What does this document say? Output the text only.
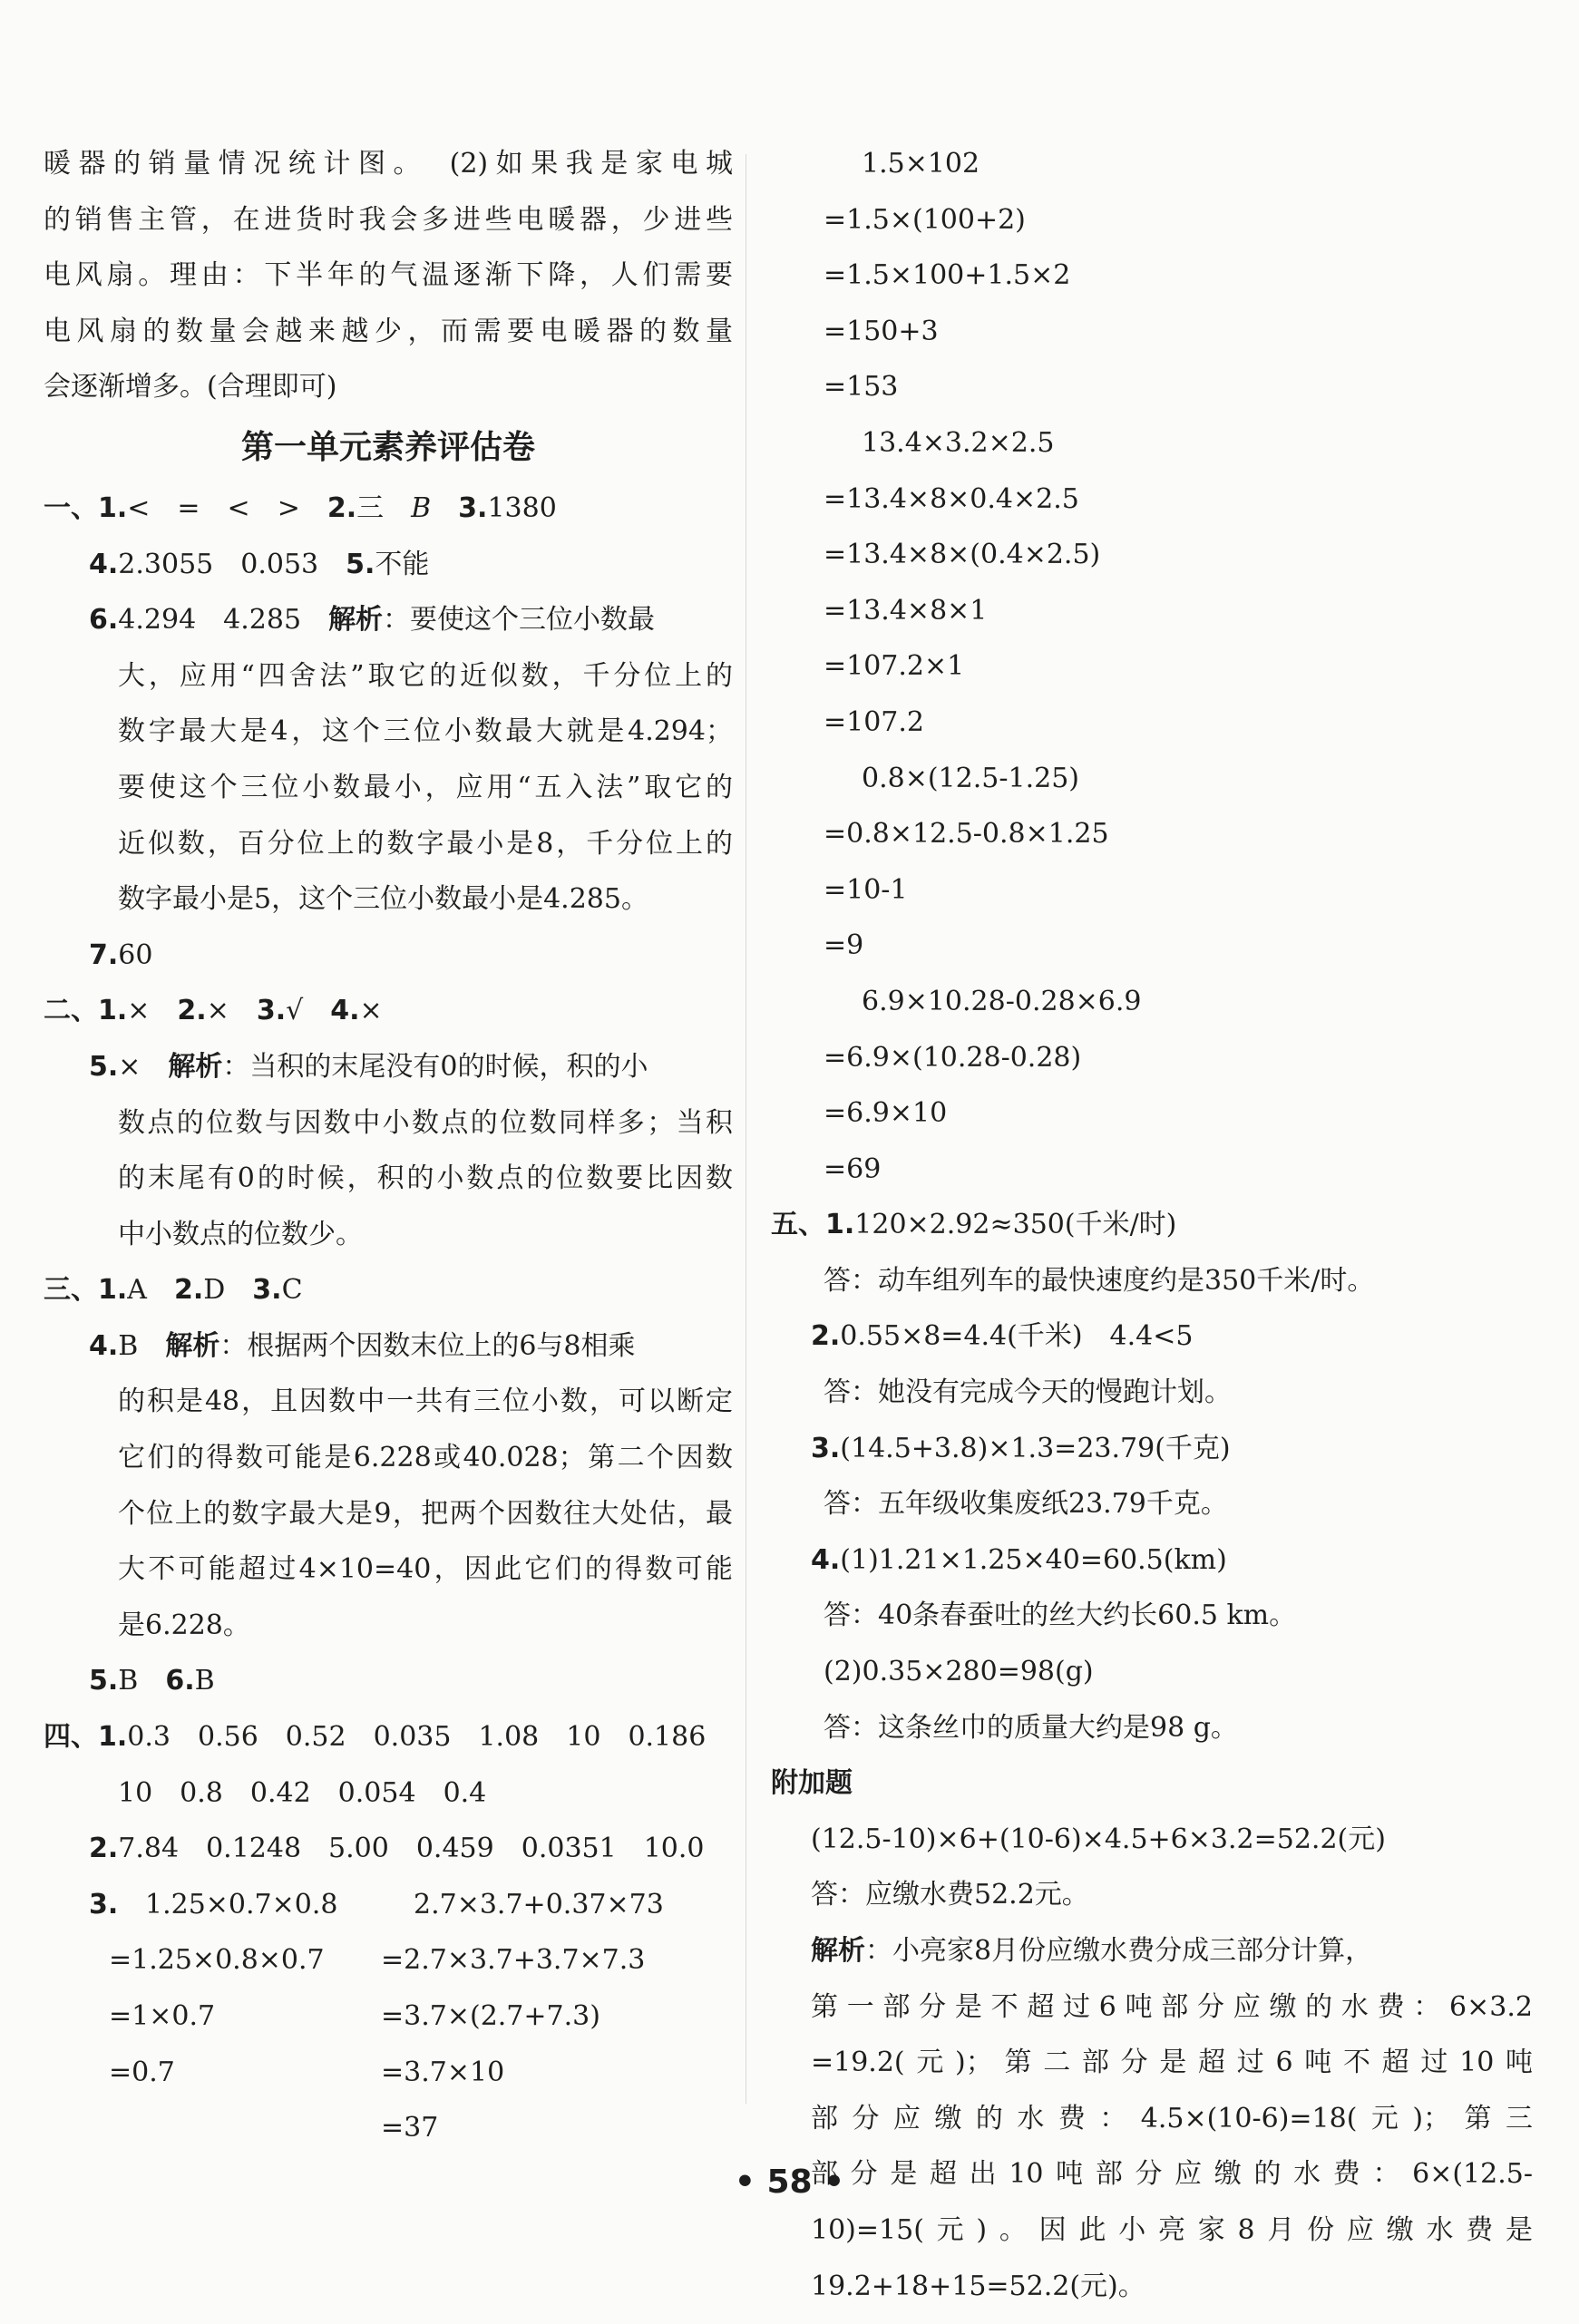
暖器的销量情况统计图。　(2)如果我是家电城
的销售主管，在进货时我会多进些电暖器，少进些
电风扇。理由：下半年的气温逐渐下降，人们需要
电风扇的数量会越来越少，而需要电暖器的数量
会逐渐增多。(合理即可)
第一单元素养评估卷
一、1.<　=　<　>　 2.三　B　 3.1380
4.2.3055　0.053　 5.不能
6.4.294　4.285　 解析：要使这个三位小数最
大，应用“四舍法”取它的近似数，千分位上的
数字最大是4，这个三位小数最大就是4.294；
要使这个三位小数最小，应用“五入法”取它的
近似数，百分位上的数字最小是8，千分位上的
数字最小是5，这个三位小数最小是4.285。
7.60
二、1.×　 2.×　 3.√　 4.×
5.×　 解析：当积的末尾没有0的时候，积的小
数点的位数与因数中小数点的位数同样多；当积
的末尾有0的时候，积的小数点的位数要比因数
中小数点的位数少。
三、1.A　 2.D　 3.C
4.B　 解析：根据两个因数末位上的6与8相乘
的积是48，且因数中一共有三位小数，可以断定
它们的得数可能是6.228或40.028；第二个因数
个位上的数字最大是9，把两个因数往大处估，最
大不可能超过4×10=40，因此它们的得数可能
是6.228。
5.B　 6.B
四、1.0.3　0.56　0.52　0.035　1.08　10　0.186
10　0.8　0.42　0.054　0.4
2.7.84　0.1248　5.00　0.459　0.0351　10.0
3. 1.25×0.7×0.8	2.7×3.7+0.37×73
=1.25×0.8×0.7 =2.7×3.7+3.7×7.3
=1×0.7	=3.7×(2.7+7.3)
=0.7	=3.7×10
=37
1.5×102
=1.5×(100+2)
=1.5×100+1.5×2
=150+3
=153
13.4×3.2×2.5
=13.4×8×0.4×2.5
=13.4×8×(0.4×2.5)
=13.4×8×1
=107.2×1
=107.2
0.8×(12.5-1.25)
=0.8×12.5-0.8×1.25
=10-1
=9
6.9×10.28-0.28×6.9
=6.9×(10.28-0.28)
=6.9×10
=69
五、1.120×2.92≈350(千米/时)
答：动车组列车的最快速度约是350千米/时。
2.0.55×8=4.4(千米)　4.4<5
答：她没有完成今天的慢跑计划。
3.(14.5+3.8)×1.3=23.79(千克)
答：五年级收集废纸23.79千克。
4.(1)1.21×1.25×40=60.5(km)
答：40条春蚕吐的丝大约长60.5 km。
(2)0.35×280=98(g)
答：这条丝巾的质量大约是98 g。
附加题
(12.5-10)×6+(10-6)×4.5+6×3.2=52.2(元)
答：应缴水费52.2元。
解析：小亮家8月份应缴水费分成三部分计算，
第一部分是不超过6吨部分应缴的水费：6×3.2
=19.2(元)；第二部分是超过6吨不超过10吨
部分应缴的水费：4.5×(10-6)=18(元)；第三
部分是超出10吨部分应缴的水费：6×(12.5-
10)=15(元)。因此小亮家8月份应缴水费是
19.2+18+15=52.2(元)。
• 58 •
